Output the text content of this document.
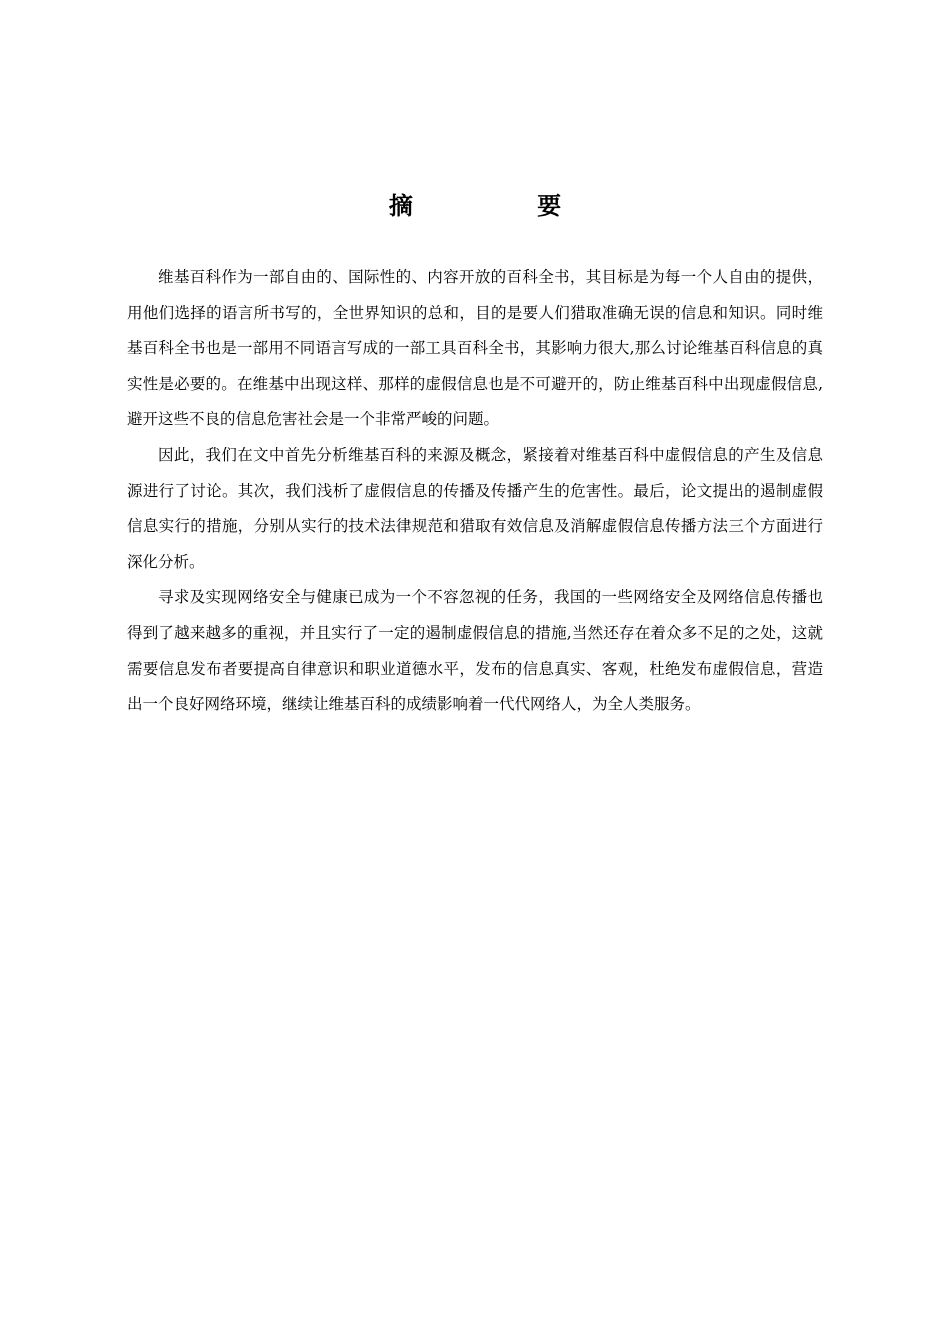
摘 要

维基百科作为一部自由的、国际性的、内容开放的百科全书，其目标是为每一个人自由的提供，用他们选择的语言所书写的，全世界知识的总和，目的是要人们猎取准确无误的信息和知识。同时维基百科全书也是一部用不同语言写成的一部工具百科全书，其影响力很大,那么讨论维基百科信息的真实性是必要的。在维基中出现这样、那样的虚假信息也是不可避开的，防止维基百科中出现虚假信息,避开这些不良的信息危害社会是一个非常严峻的问题。

因此，我们在文中首先分析维基百科的来源及概念，紧接着对维基百科中虚假信息的产生及信息源进行了讨论。其次，我们浅析了虚假信息的传播及传播产生的危害性。最后，论文提出的遏制虚假信息实行的措施，分别从实行的技术法律规范和猎取有效信息及消解虚假信息传播方法三个方面进行深化分析。

寻求及实现网络安全与健康已成为一个不容忽视的任务，我国的一些网络安全及网络信息传播也得到了越来越多的重视，并且实行了一定的遏制虚假信息的措施,当然还存在着众多不足的之处，这就需要信息发布者要提高自律意识和职业道德水平，发布的信息真实、客观，杜绝发布虚假信息，营造出一个良好网络环境，继续让维基百科的成绩影响着一代代网络人，为全人类服务。
